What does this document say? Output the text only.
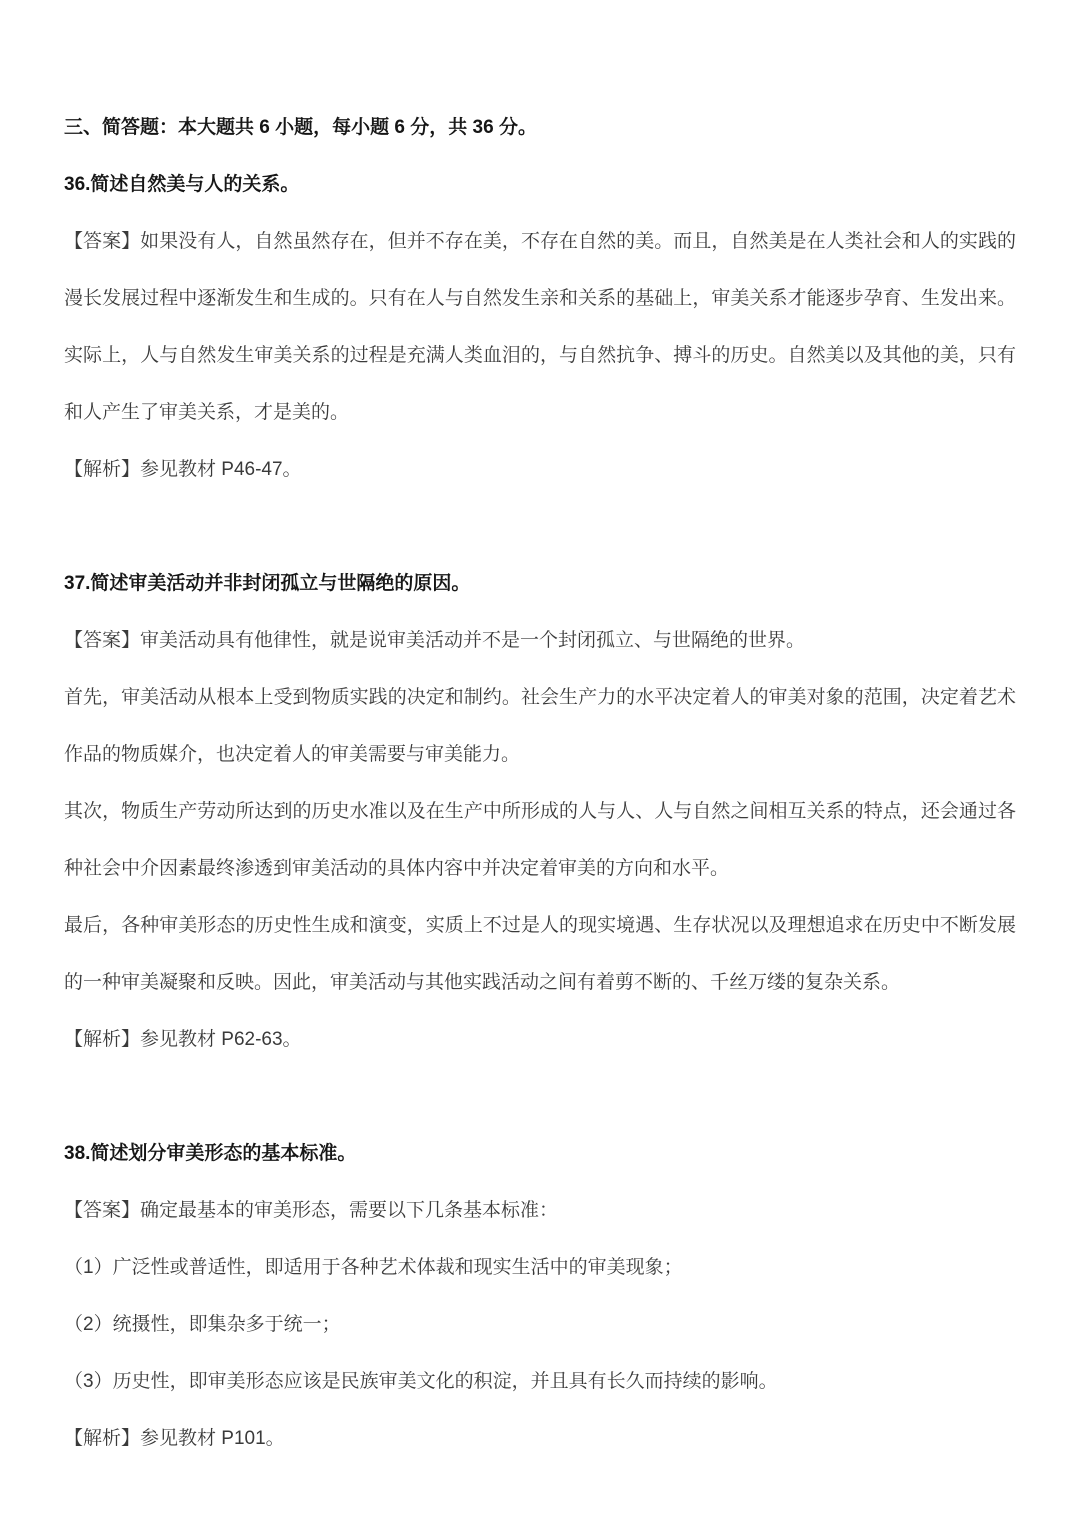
三、简答题：本大题共 6 小题，每小题 6 分，共 36 分。

36.简述自然美与人的关系。

【答案】如果没有人，自然虽然存在，但并不存在美，不存在自然的美。而且，自然美是在人类社会和人的实践的漫长发展过程中逐渐发生和生成的。只有在人与自然发生亲和关系的基础上，审美关系才能逐步孕育、生发出来。实际上，人与自然发生审美关系的过程是充满人类血泪的，与自然抗争、搏斗的历史。自然美以及其他的美，只有和人产生了审美关系，才是美的。

【解析】参见教材 P46-47。

37.简述审美活动并非封闭孤立与世隔绝的原因。

【答案】审美活动具有他律性，就是说审美活动并不是一个封闭孤立、与世隔绝的世界。

首先，审美活动从根本上受到物质实践的决定和制约。社会生产力的水平决定着人的审美对象的范围，决定着艺术作品的物质媒介，也决定着人的审美需要与审美能力。

其次，物质生产劳动所达到的历史水准以及在生产中所形成的人与人、人与自然之间相互关系的特点，还会通过各种社会中介因素最终渗透到审美活动的具体内容中并决定着审美的方向和水平。

最后，各种审美形态的历史性生成和演变，实质上不过是人的现实境遇、生存状况以及理想追求在历史中不断发展的一种审美凝聚和反映。因此，审美活动与其他实践活动之间有着剪不断的、千丝万缕的复杂关系。

【解析】参见教材 P62-63。

38.简述划分审美形态的基本标准。

【答案】确定最基本的审美形态，需要以下几条基本标准：

（1）广泛性或普适性，即适用于各种艺术体裁和现实生活中的审美现象；

（2）统摄性，即集杂多于统一；

（3）历史性，即审美形态应该是民族审美文化的积淀，并且具有长久而持续的影响。

【解析】参见教材 P101。
